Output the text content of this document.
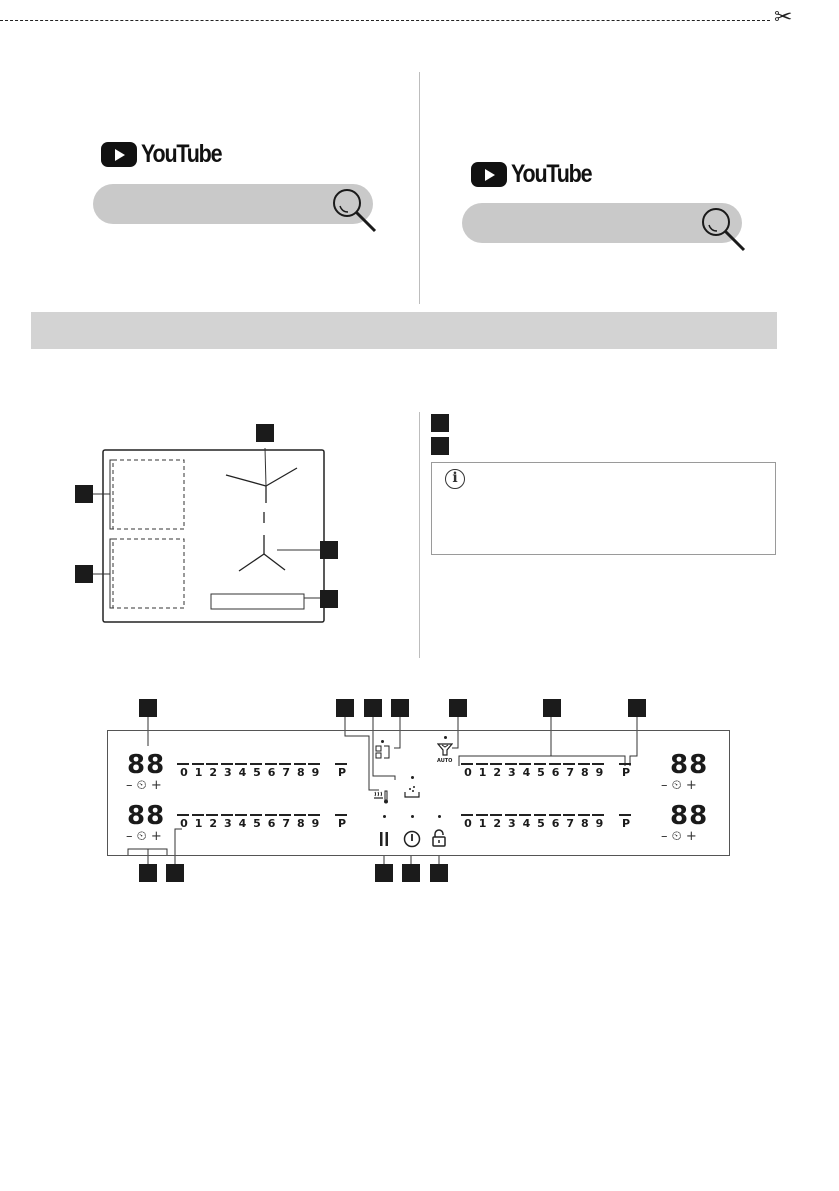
✂
YouTube
YouTube
i
88
– ⏲ +
88
– ⏲ +
88
– ⏲ +
88
– ⏲ +
0 1 2 3 4 5 6 7 8 9 P
0 1 2 3 4 5 6 7 8 9 P
0 1 2 3 4 5 6 7 8 9 P
0 1 2 3 4 5 6 7 8 9 P
AUTO
